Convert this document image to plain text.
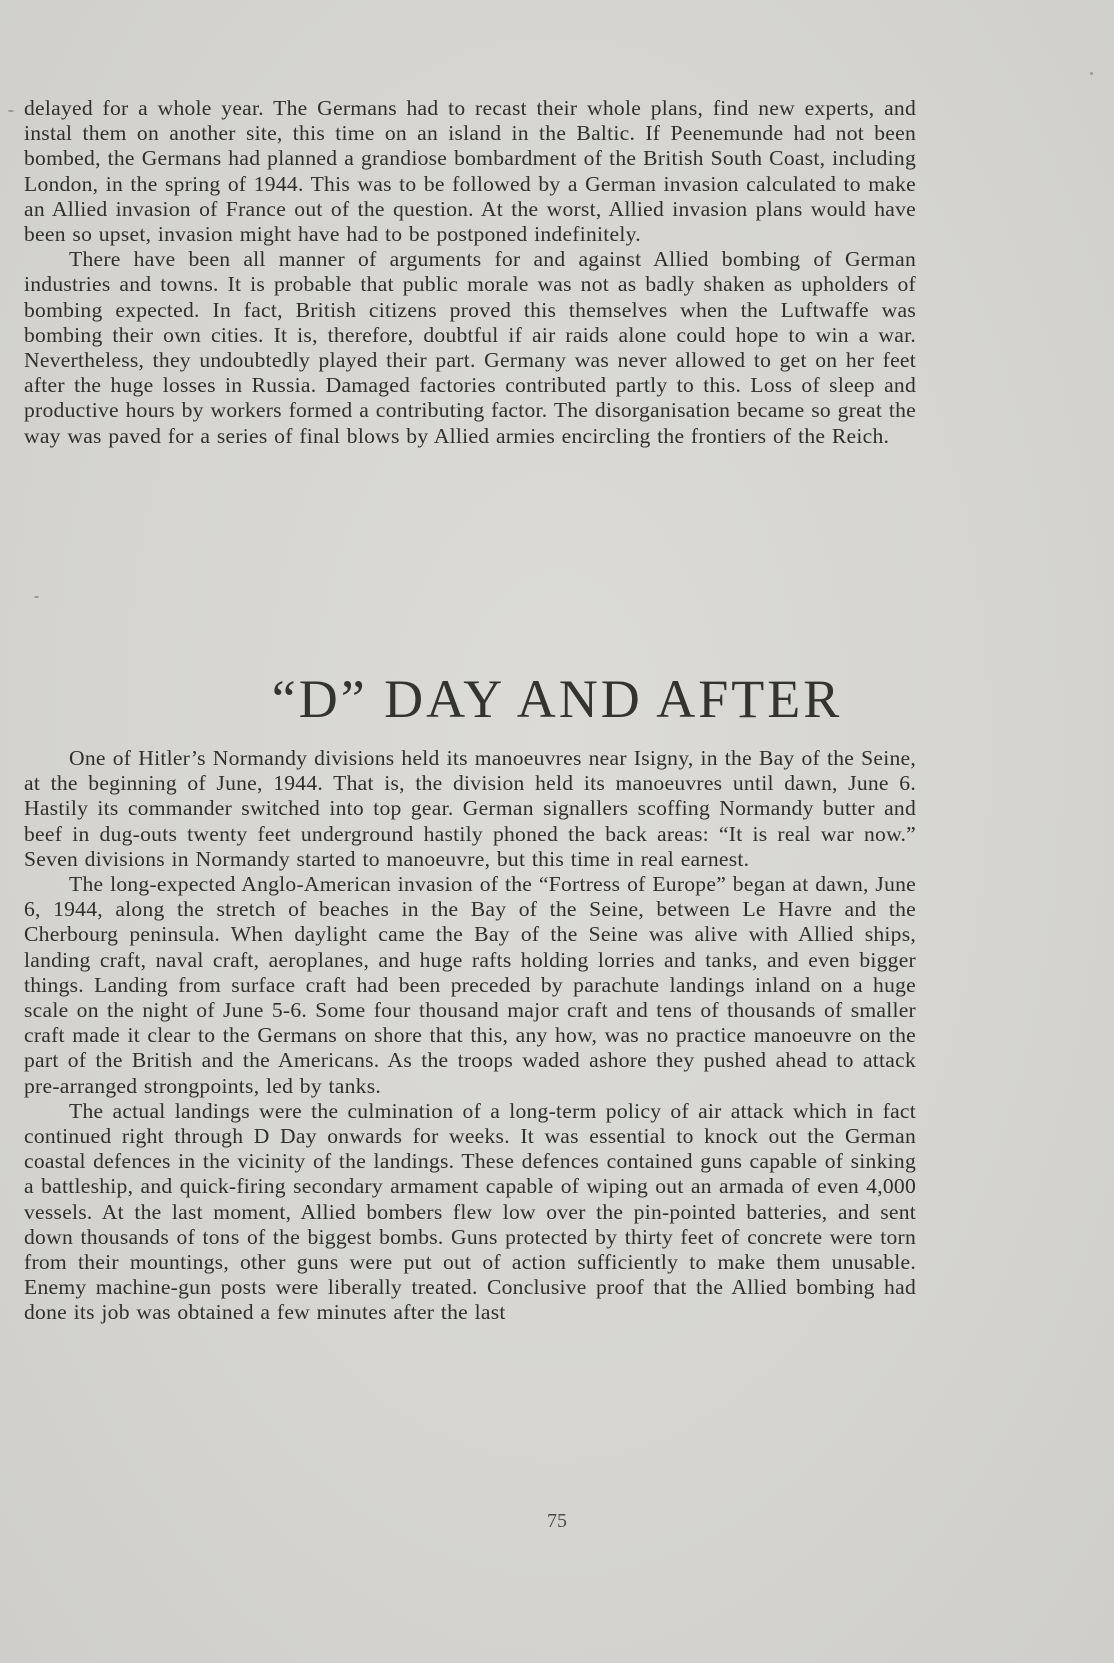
delayed for a whole year. The Germans had to recast their whole plans, find new experts, and instal them on another site, this time on an island in the Baltic. If Peenemunde had not been bombed, the Germans had planned a grandiose bombardment of the British South Coast, including London, in the spring of 1944. This was to be followed by a German invasion calculated to make an Allied invasion of France out of the question. At the worst, Allied invasion plans would have been so upset, invasion might have had to be postponed indefinitely.

There have been all manner of arguments for and against Allied bombing of German industries and towns. It is probable that public morale was not as badly shaken as upholders of bombing expected. In fact, British citizens proved this themselves when the Luftwaffe was bombing their own cities. It is, therefore, doubtful if air raids alone could hope to win a war. Nevertheless, they undoubtedly played their part. Germany was never allowed to get on her feet after the huge losses in Russia. Damaged factories contributed partly to this. Loss of sleep and productive hours by workers formed a contributing factor. The disorganisation became so great the way was paved for a series of final blows by Allied armies encircling the frontiers of the Reich.

“D” DAY AND AFTER

One of Hitler’s Normandy divisions held its manoeuvres near Isigny, in the Bay of the Seine, at the beginning of June, 1944. That is, the division held its manoeuvres until dawn, June 6. Hastily its commander switched into top gear. German signallers scoffing Normandy butter and beef in dug-outs twenty feet underground hastily phoned the back areas: “It is real war now.” Seven divisions in Normandy started to manoeuvre, but this time in real earnest.

The long-expected Anglo-American invasion of the “Fortress of Europe” began at dawn, June 6, 1944, along the stretch of beaches in the Bay of the Seine, between Le Havre and the Cherbourg peninsula. When daylight came the Bay of the Seine was alive with Allied ships, landing craft, naval craft, aeroplanes, and huge rafts holding lorries and tanks, and even bigger things. Landing from surface craft had been preceded by parachute landings inland on a huge scale on the night of June 5-6. Some four thousand major craft and tens of thousands of smaller craft made it clear to the Germans on shore that this, any how, was no practice manoeuvre on the part of the British and the Americans. As the troops waded ashore they pushed ahead to attack pre-arranged strongpoints, led by tanks.

The actual landings were the culmination of a long-term policy of air attack which in fact continued right through D Day onwards for weeks. It was essential to knock out the German coastal defences in the vicinity of the landings. These defences contained guns capable of sinking a battleship, and quick-firing secondary armament capable of wiping out an armada of even 4,000 vessels. At the last moment, Allied bombers flew low over the pin-pointed batteries, and sent down thousands of tons of the biggest bombs. Guns protected by thirty feet of concrete were torn from their mountings, other guns were put out of action sufficiently to make them unusable. Enemy machine-gun posts were liberally treated. Conclusive proof that the Allied bombing had done its job was obtained a few minutes after the last

75
